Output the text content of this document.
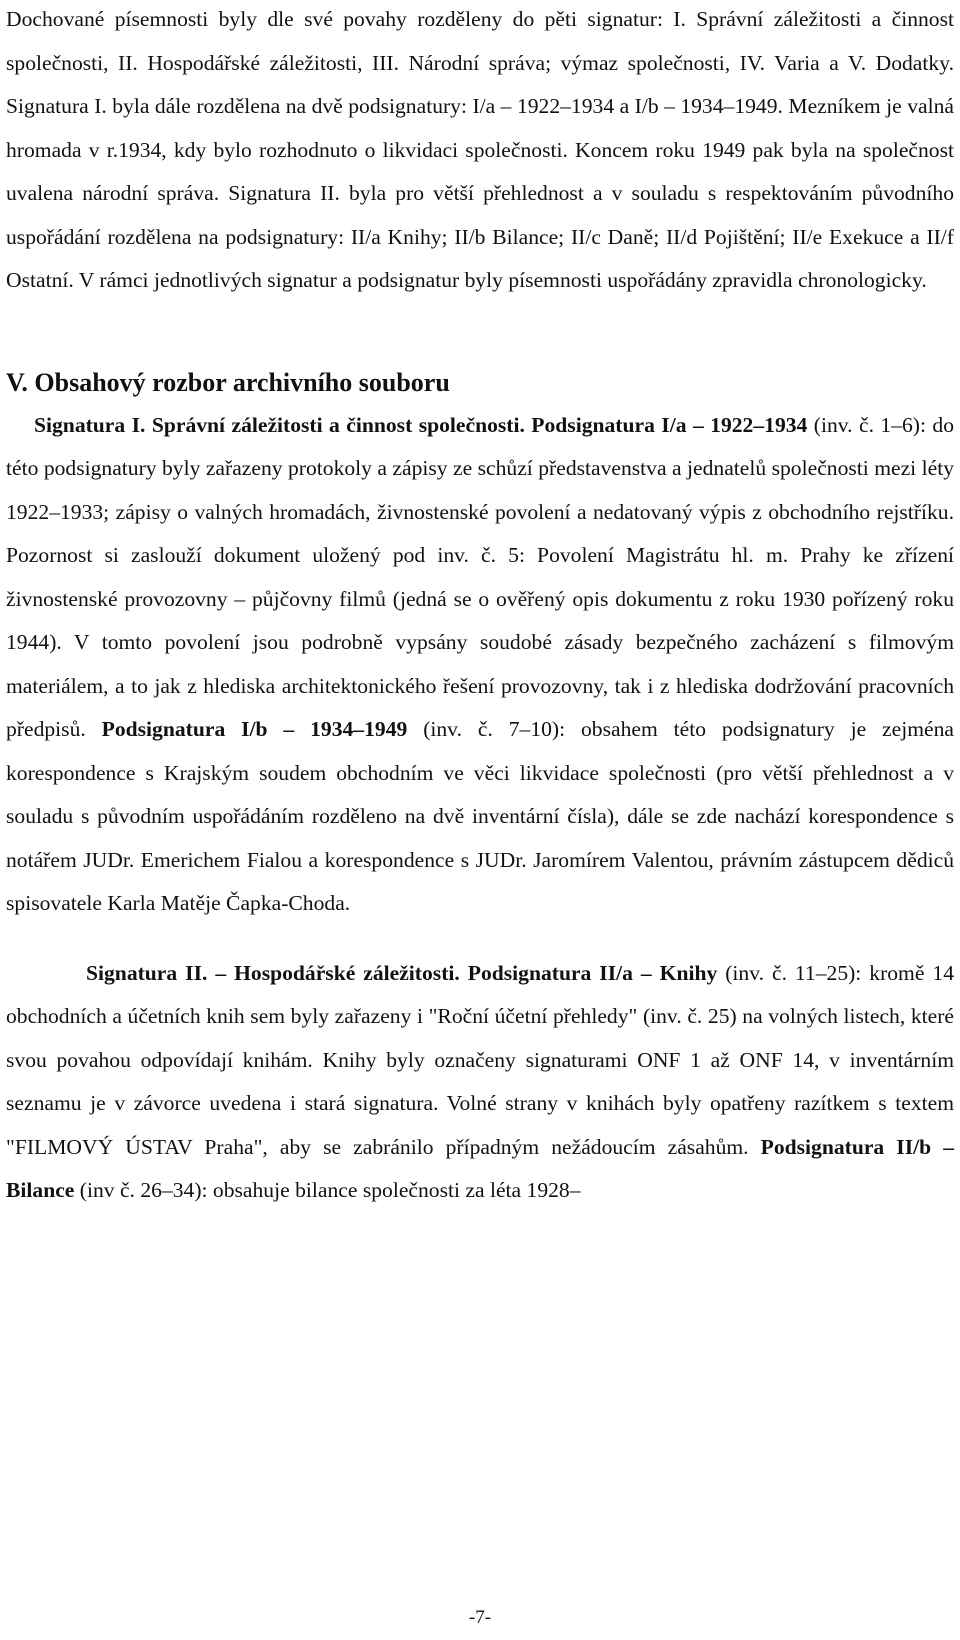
Dochované písemnosti byly dle své povahy rozděleny do pěti signatur: I. Správní záležitosti a činnost společnosti, II. Hospodářské záležitosti, III. Národní správa; výmaz společnosti, IV. Varia a V. Dodatky. Signatura I. byla dále rozdělena na dvě podsignatury: I/a – 1922–1934 a I/b – 1934–1949. Mezníkem je valná hromada v r.1934, kdy bylo rozhodnuto o likvidaci společnosti. Koncem roku 1949 pak byla na společnost uvalena národní správa. Signatura II. byla pro větší přehlednost a v souladu s respektováním původního uspořádání rozdělena na podsignatury: II/a Knihy; II/b Bilance; II/c Daně; II/d Pojištění; II/e Exekuce a II/f Ostatní. V rámci jednotlivých signatur a podsignatur byly písemnosti uspořádány zpravidla chronologicky.

V. Obsahový rozbor archivního souboru

Signatura I. Správní záležitosti a činnost společnosti. Podsignatura I/a – 1922–1934 (inv. č. 1–6): do této podsignatury byly zařazeny protokoly a zápisy ze schůzí představenstva a jednatelů společnosti mezi léty 1922–1933; zápisy o valných hromadách, živnostenské povolení a nedatovaný výpis z obchodního rejstříku. Pozornost si zaslouží dokument uložený pod inv. č. 5: Povolení Magistrátu hl. m. Prahy ke zřízení živnostenské provozovny – půjčovny filmů (jedná se o ověřený opis dokumentu z roku 1930 pořízený roku 1944). V tomto povolení jsou podrobně vypsány soudobé zásady bezpečného zacházení s filmovým materiálem, a to jak z hlediska architektonického řešení provozovny, tak i z hlediska dodržování pracovních předpisů. Podsignatura I/b – 1934–1949 (inv. č. 7–10): obsahem této podsignatury je zejména korespondence s Krajským soudem obchodním ve věci likvidace společnosti (pro větší přehlednost a v souladu s původním uspořádáním rozděleno na dvě inventární čísla), dále se zde nachází korespondence s notářem JUDr. Emerichem Fialou a korespondence s JUDr. Jaromírem Valentou, právním zástupcem dědiců spisovatele Karla Matěje Čapka-Choda.

Signatura II. – Hospodářské záležitosti. Podsignatura II/a – Knihy (inv. č. 11–25): kromě 14 obchodních a účetních knih sem byly zařazeny i "Roční účetní přehledy" (inv. č. 25) na volných listech, které svou povahou odpovídají knihám. Knihy byly označeny signaturami ONF 1 až ONF 14, v inventárním seznamu je v závorce uvedena i stará signatura. Volné strany v knihách byly opatřeny razítkem s textem "FILMOVÝ ÚSTAV Praha", aby se zabránilo případným nežádoucím zásahům. Podsignatura II/b – Bilance (inv č. 26–34): obsahuje bilance společnosti za léta 1928–

-7-
